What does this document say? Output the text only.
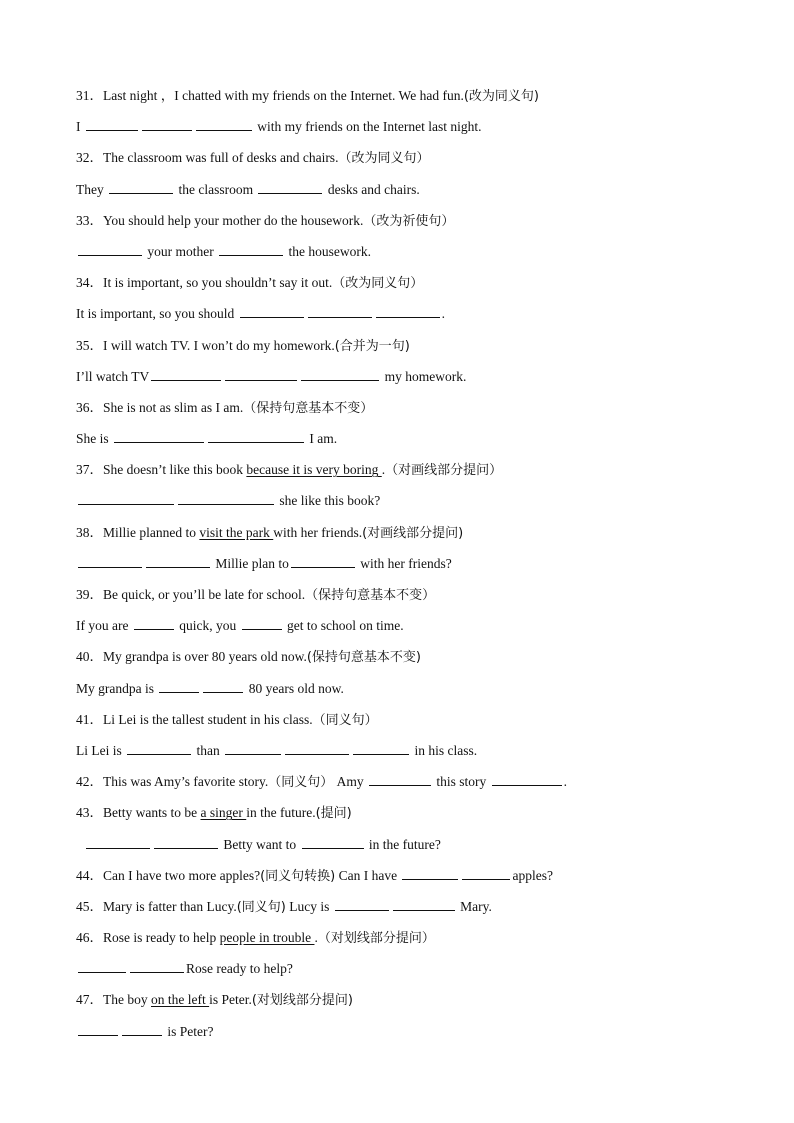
31．Last night ，I chatted with my friends on the Internet. We had fun.(改为同义句)
I	with my friends on the Internet last night.
32．The classroom was full of desks and chairs.（改为同义句）
They	the classroom	desks and chairs.
33．You should help your mother do the housework.（改为祈使句）
your mother	the housework.
34．It is important, so you shouldn’t say it out.（改为同义句）
It is important, so you should	.
35．I will watch TV. I won’t do my homework.(合并为一句)
I’ll watch TV	my homework.
36．She is not as slim as I am.（保持句意基本不变）
She is	I am.
37．She doesn’t like this book because it is very boring .（对画线部分提问）
she like this book?
38．Millie planned to visit the park with her friends.(对画线部分提问)
Millie plan to	with her friends?
39．Be quick, or you’ll be late for school.（保持句意基本不变）
If you are	quick, you	get to school on time.
40．My grandpa is over 80 years old now.(保持句意基本不变)
My grandpa is	80 years old now.
41．Li Lei is the tallest student in his class.（同义句）
Li Lei is	than	in his class.
42．This was Amy’s favorite story.（同义句） Amy	this story	.
43．Betty wants to be a singer in the future.(提问)
Betty want to	in the future?
44．Can I have two more apples?(同义句转换) Can I have	apples?
45．Mary is fatter than Lucy.(同义句) Lucy is	Mary.
46．Rose is ready to help people in trouble .（对划线部分提问）
Rose ready to help?
47．The boy on the left is Peter.(对划线部分提问)
is Peter?
